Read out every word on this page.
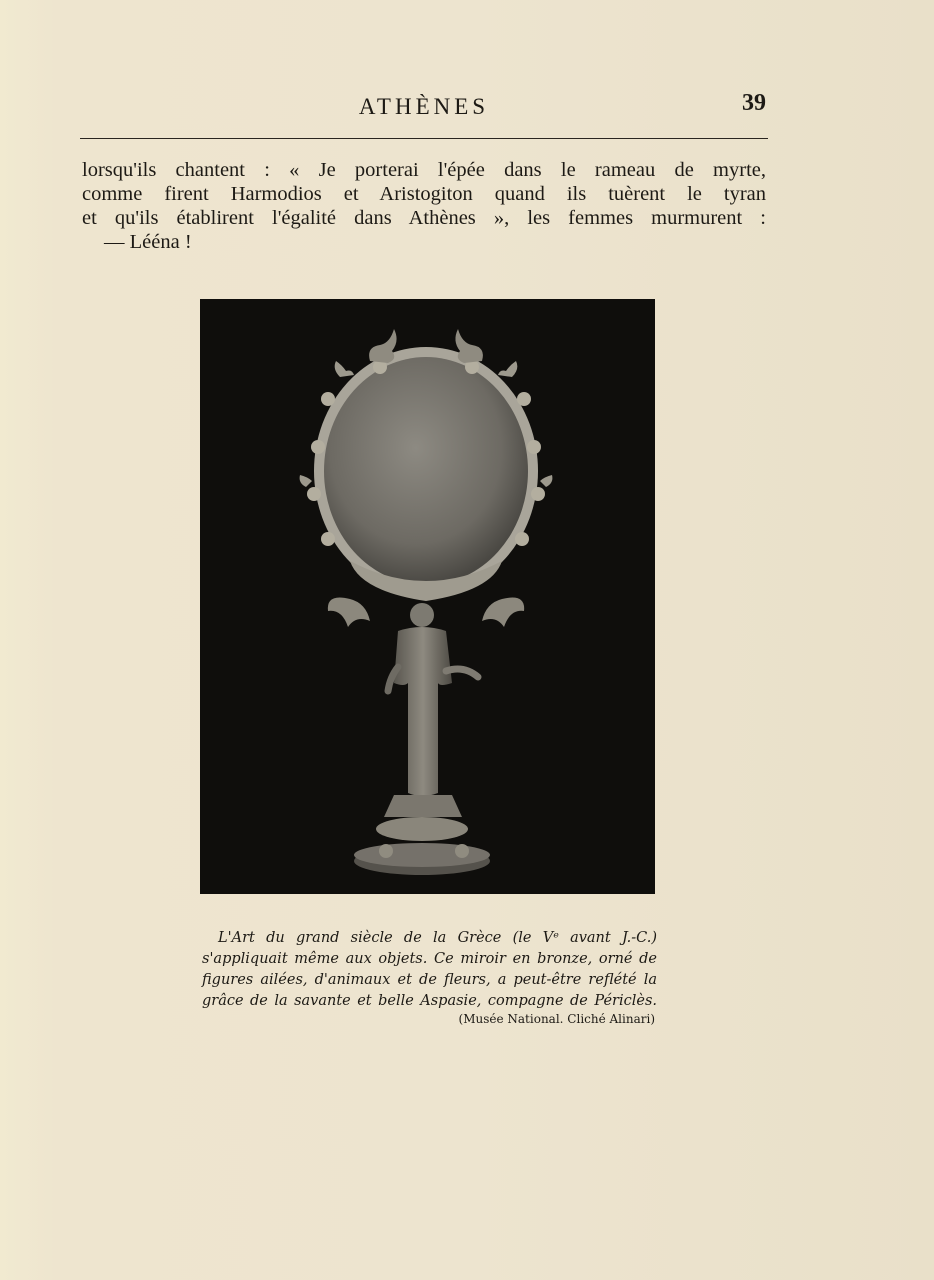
ATHÈNES	39
lorsqu'ils chantent : « Je porterai l'épée dans le rameau de myrte,
comme firent Harmodios et Aristogiton quand ils tuèrent le tyran
et qu'ils établirent l'égalité dans Athènes », les femmes murmurent :
— Lééna !
L'Art du grand siècle de la Grèce (le Vᵉ avant J.-C.)
s'appliquait même aux objets. Ce miroir en bronze, orné de
figures ailées, d'animaux et de fleurs, a peut-être reflété la
grâce de la savante et belle Aspasie, compagne de Périclès.
(Musée National. Cliché Alinari)
